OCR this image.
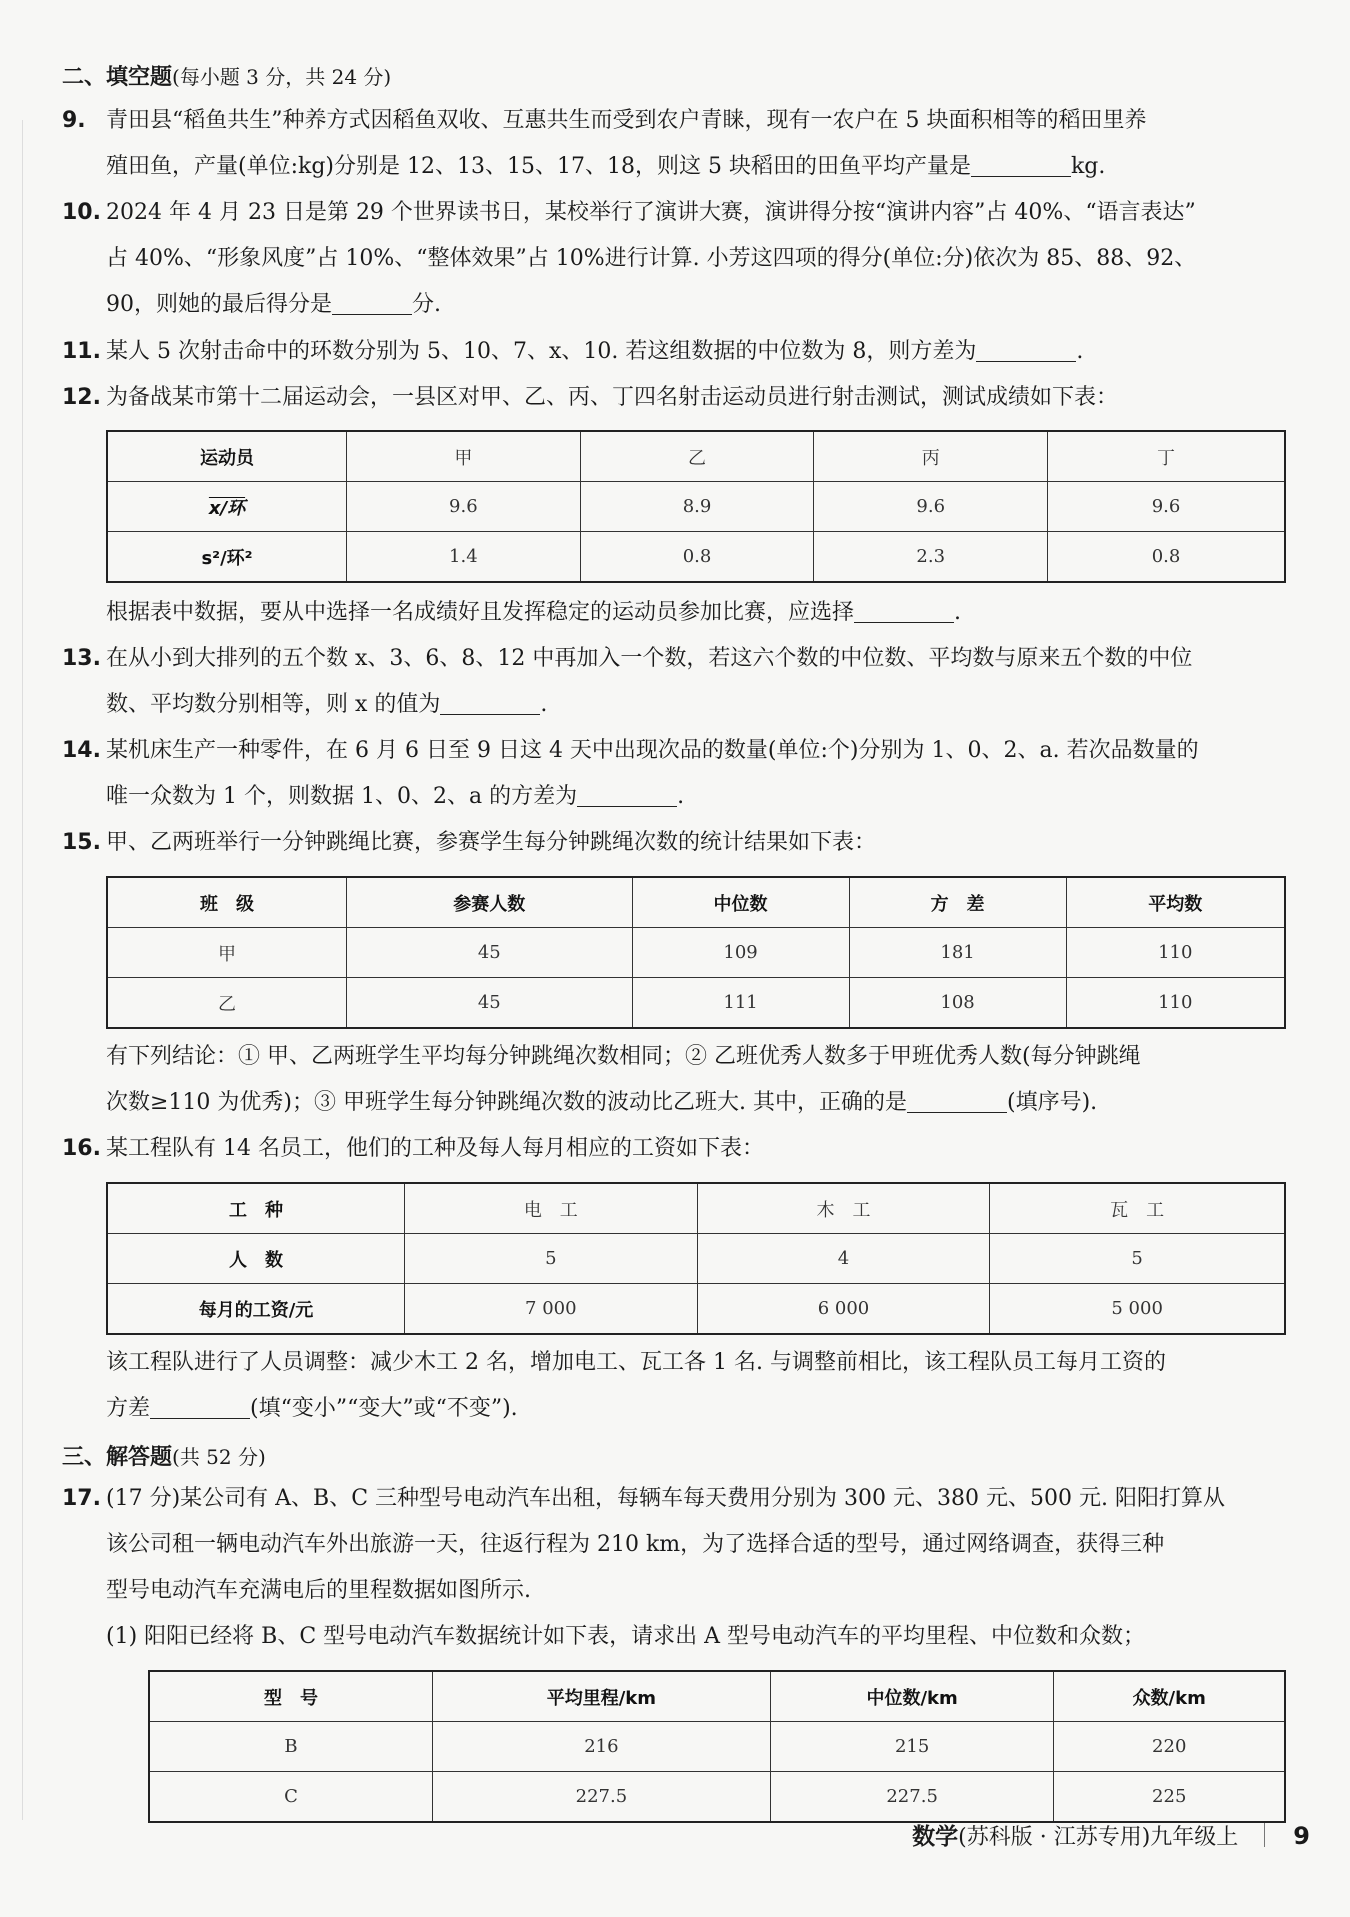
二、填空题(每小题 3 分，共 24 分)
9. 青田县“稻鱼共生”种养方式因稻鱼双收、互惠共生而受到农户青睐，现有一农户在 5 块面积相等的稻田里养
殖田鱼，产量(单位:kg)分别是 12、13、15、17、18，则这 5 块稻田的田鱼平均产量是	kg.
10. 2024 年 4 月 23 日是第 29 个世界读书日，某校举行了演讲大赛，演讲得分按“演讲内容”占 40%、“语言表达”
占 40%、“形象风度”占 10%、“整体效果”占 10%进行计算. 小芳这四项的得分(单位:分)依次为 85、88、92、
90，则她的最后得分是	分.
11. 某人 5 次射击命中的环数分别为 5、10、7、x、10. 若这组数据的中位数为 8，则方差为	.
12. 为备战某市第十二届运动会，一县区对甲、乙、丙、丁四名射击运动员进行射击测试，测试成绩如下表：
运动员	甲	乙	丙	丁
x/环	9.6	8.9	9.6	9.6
s²/环²	1.4	0.8	2.3	0.8
根据表中数据，要从中选择一名成绩好且发挥稳定的运动员参加比赛，应选择	.
13. 在从小到大排列的五个数 x、3、6、8、12 中再加入一个数，若这六个数的中位数、平均数与原来五个数的中位
数、平均数分别相等，则 x 的值为	.
14. 某机床生产一种零件，在 6 月 6 日至 9 日这 4 天中出现次品的数量(单位:个)分别为 1、0、2、a. 若次品数量的
唯一众数为 1 个，则数据 1、0、2、a 的方差为	.
15. 甲、乙两班举行一分钟跳绳比赛，参赛学生每分钟跳绳次数的统计结果如下表：
班　级	参赛人数	中位数	方　差	平均数
甲	45	109	181	110
乙	45	111	108	110
有下列结论：① 甲、乙两班学生平均每分钟跳绳次数相同；② 乙班优秀人数多于甲班优秀人数(每分钟跳绳
次数≥110 为优秀)；③ 甲班学生每分钟跳绳次数的波动比乙班大. 其中，正确的是	(填序号).
16. 某工程队有 14 名员工，他们的工种及每人每月相应的工资如下表：
工　种	电　工	木　工	瓦　工
人　数	5	4	5
每月的工资/元	7 000	6 000	5 000
该工程队进行了人员调整：减少木工 2 名，增加电工、瓦工各 1 名. 与调整前相比，该工程队员工每月工资的
方差	(填“变小”“变大”或“不变”).
三、解答题(共 52 分)
17. (17 分)某公司有 A、B、C 三种型号电动汽车出租，每辆车每天费用分别为 300 元、380 元、500 元. 阳阳打算从
该公司租一辆电动汽车外出旅游一天，往返行程为 210 km，为了选择合适的型号，通过网络调查，获得三种
型号电动汽车充满电后的里程数据如图所示.
(1) 阳阳已经将 B、C 型号电动汽车数据统计如下表，请求出 A 型号电动汽车的平均里程、中位数和众数；
型　号	平均里程/km	中位数/km	众数/km
B	216	215	220
C	227.5	227.5	225
数学(苏科版 · 江苏专用)九年级上 9
